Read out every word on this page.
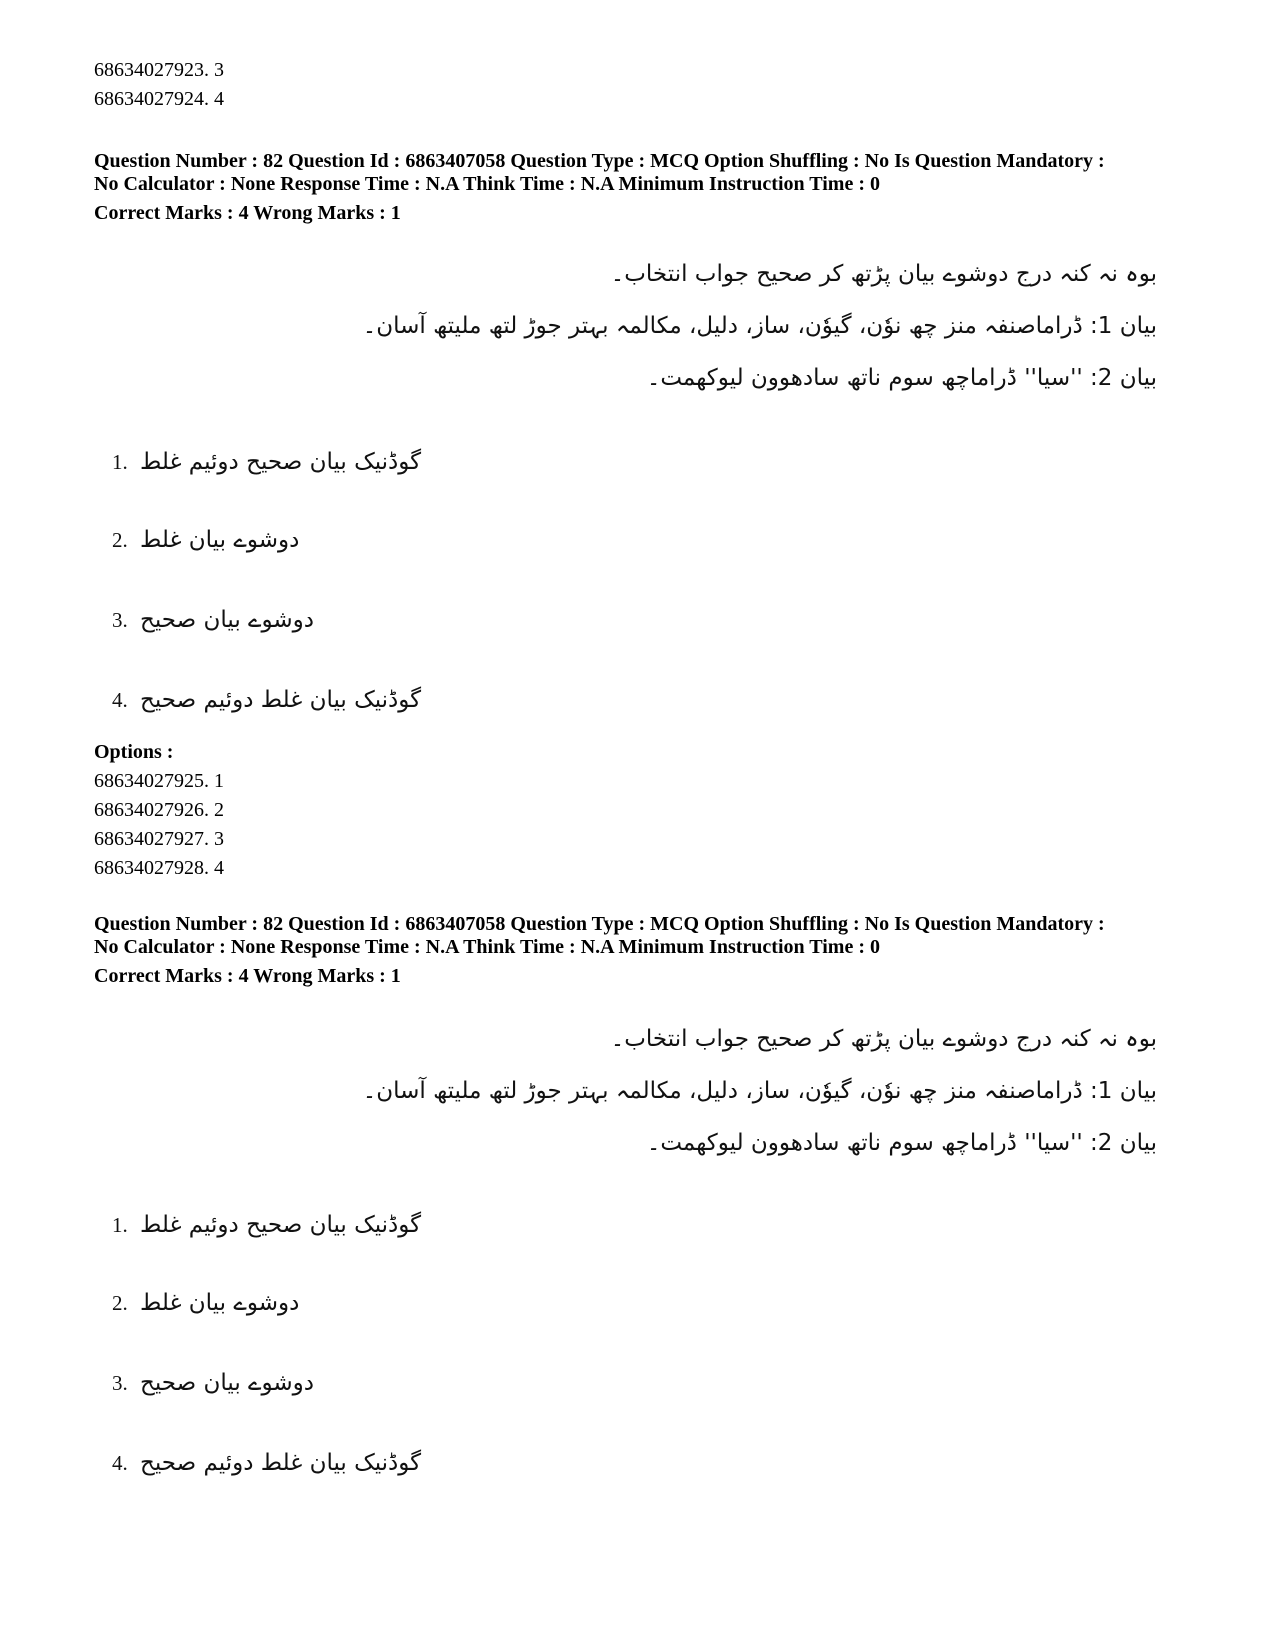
68634027923. 3
68634027924. 4
Question Number : 82 Question Id : 6863407058 Question Type : MCQ Option Shuffling : No Is Question Mandatory :
No Calculator : None Response Time : N.A Think Time : N.A Minimum Instruction Time : 0
Correct Marks : 4 Wrong Marks : 1
بوہ نہ کنہ درج دوشوے بیان پڑتھ کر صحیح جواب انتخاب۔
بیان 1: ڈراماصنفہ منز چھ نوٗن، گیوٗن، ساز، دلیل، مکالمہ بہتر جوڑ لتھ ملیتھ آسان۔
بیان 2: ''سیا'' ڈراماچھ سوم ناتھ سادھوون لیوکھمت۔
1. گوڈنیک بیان صحیح دوئیم غلط
2. دوشوے بیان غلط
3. دوشوے بیان صحیح
4. گوڈنیک بیان غلط دوئیم صحیح
Options :
68634027925. 1
68634027926. 2
68634027927. 3
68634027928. 4
Question Number : 82 Question Id : 6863407058 Question Type : MCQ Option Shuffling : No Is Question Mandatory :
No Calculator : None Response Time : N.A Think Time : N.A Minimum Instruction Time : 0
Correct Marks : 4 Wrong Marks : 1
بوہ نہ کنہ درج دوشوے بیان پڑتھ کر صحیح جواب انتخاب۔
بیان 1: ڈراماصنفہ منز چھ نوٗن، گیوٗن، ساز، دلیل، مکالمہ بہتر جوڑ لتھ ملیتھ آسان۔
بیان 2: ''سیا'' ڈراماچھ سوم ناتھ سادھوون لیوکھمت۔
1. گوڈنیک بیان صحیح دوئیم غلط
2. دوشوے بیان غلط
3. دوشوے بیان صحیح
4. گوڈنیک بیان غلط دوئیم صحیح
